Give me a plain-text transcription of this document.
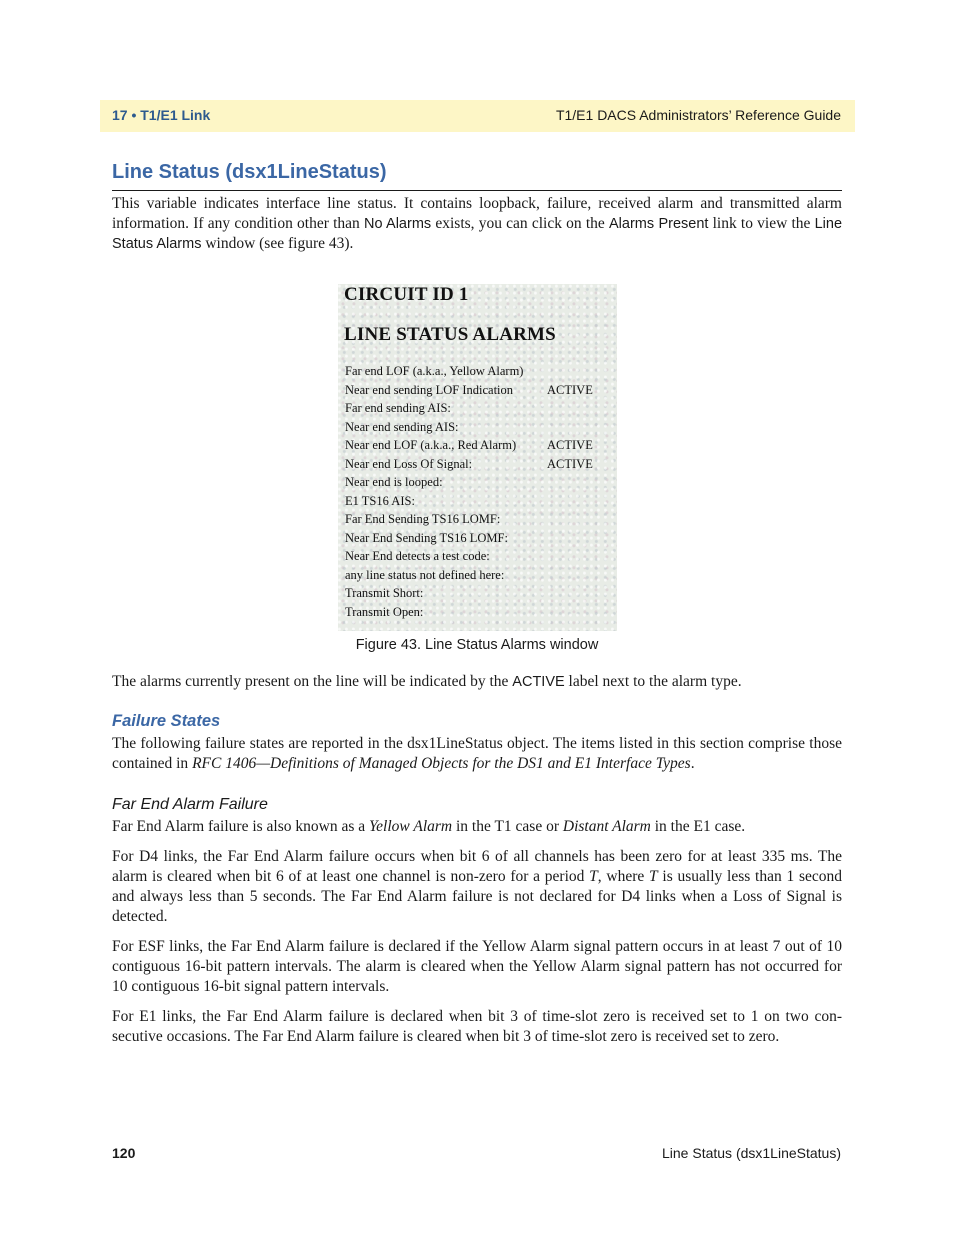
17 • T1/E1 Link	T1/E1 DACS Administrators’ Reference Guide
Line Status (dsx1LineStatus)

This variable indicates interface line status. It contains loopback, failure, received alarm and transmitted alarm information. If any condition other than No Alarms exists, you can click on the Alarms Present link to view the Line Status Alarms window (see figure 43).

CIRCUIT ID 1
LINE STATUS ALARMS
Far end LOF (a.k.a., Yellow Alarm)
Near end sending LOF Indication	ACTIVE
Far end sending AIS:
Near end sending AIS:
Near end LOF (a.k.a., Red Alarm)	ACTIVE
Near end Loss Of Signal:	ACTIVE
Near end is looped:
E1 TS16 AIS:
Far End Sending TS16 LOMF:
Near End Sending TS16 LOMF:
Near End detects a test code:
any line status not defined here:
Transmit Short:
Transmit Open:
Figure 43. Line Status Alarms window

The alarms currently present on the line will be indicated by the ACTIVE label next to the alarm type.

Failure States

The following failure states are reported in the dsx1LineStatus object. The items listed in this section comprise those contained in RFC 1406—Definitions of Managed Objects for the DS1 and E1 Interface Types.

Far End Alarm Failure

Far End Alarm failure is also known as a Yellow Alarm in the T1 case or Distant Alarm in the E1 case.

For D4 links, the Far End Alarm failure occurs when bit 6 of all channels has been zero for at least 335 ms. The alarm is cleared when bit 6 of at least one channel is non-zero for a period T, where T is usually less than 1 second and always less than 5 seconds. The Far End Alarm failure is not declared for D4 links when a Loss of Signal is detected.

For ESF links, the Far End Alarm failure is declared if the Yellow Alarm signal pattern occurs in at least 7 out of 10 contiguous 16-bit pattern intervals. The alarm is cleared when the Yellow Alarm signal pattern has not occurred for 10 contiguous 16-bit signal pattern intervals.

For E1 links, the Far End Alarm failure is declared when bit 3 of time-slot zero is received set to 1 on two consecutive occasions. The Far End Alarm failure is cleared when bit 3 of time-slot zero is received set to zero.

120	Line Status (dsx1LineStatus)
